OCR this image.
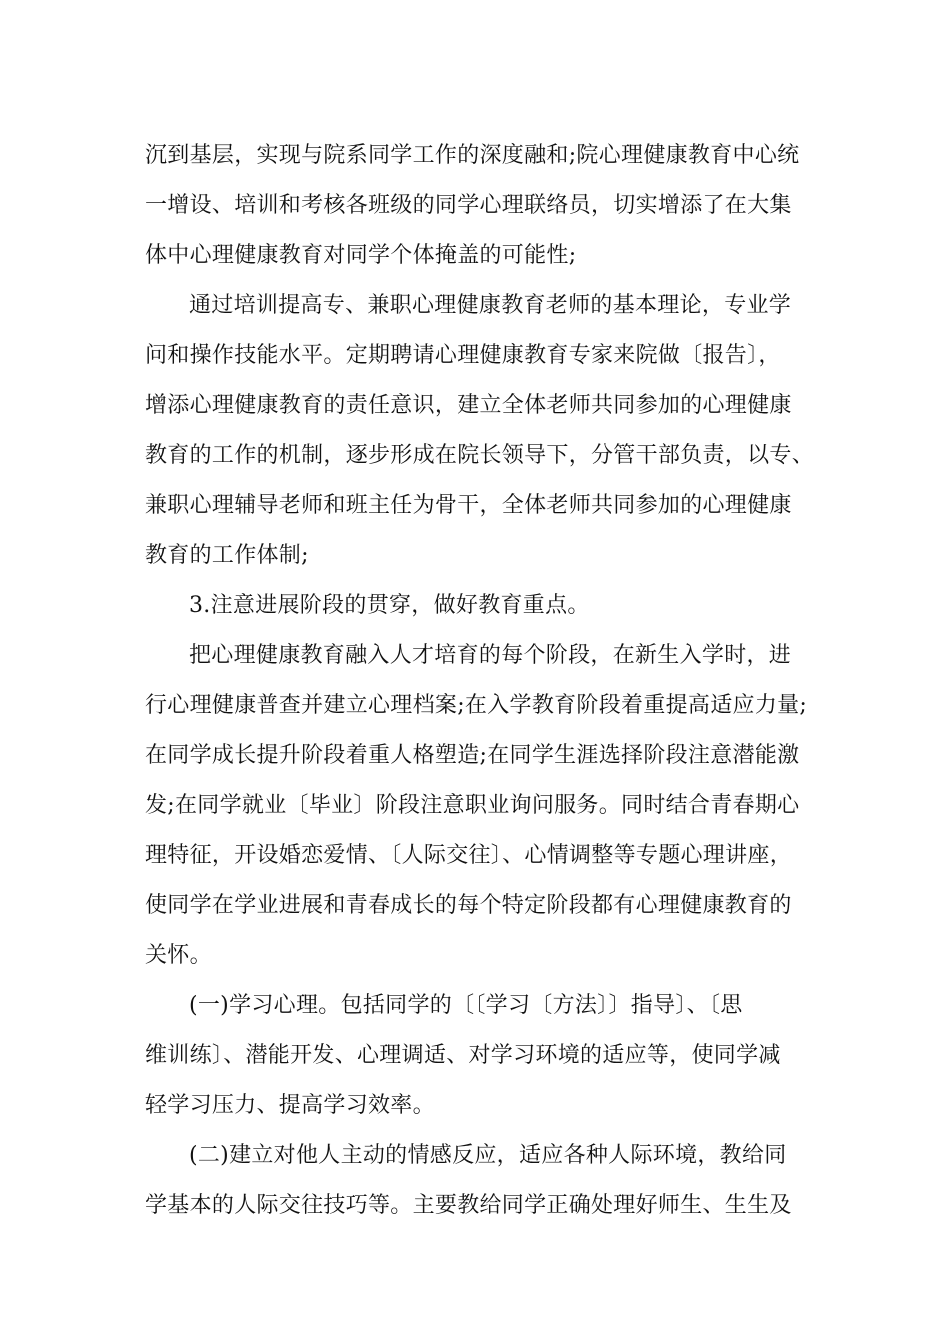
沉到基层，实现与院系同学工作的深度融和;院心理健康教育中心统
一增设、培训和考核各班级的同学心理联络员，切实增添了在大集
体中心理健康教育对同学个体掩盖的可能性;
通过培训提高专、兼职心理健康教育老师的基本理论，专业学
问和操作技能水平。定期聘请心理健康教育专家来院做〔报告〕，
增添心理健康教育的责任意识，建立全体老师共同参加的心理健康
教育的工作的机制，逐步形成在院长领导下，分管干部负责，以专、
兼职心理辅导老师和班主任为骨干，全体老师共同参加的心理健康
教育的工作体制;
3.注意进展阶段的贯穿，做好教育重点。
把心理健康教育融入人才培育的每个阶段，在新生入学时，进
行心理健康普查并建立心理档案;在入学教育阶段着重提高适应力量;
在同学成长提升阶段着重人格塑造;在同学生涯选择阶段注意潜能激
发;在同学就业〔毕业〕阶段注意职业询问服务。同时结合青春期心
理特征，开设婚恋爱情、〔人际交往〕、心情调整等专题心理讲座，
使同学在学业进展和青春成长的每个特定阶段都有心理健康教育的
关怀。
(一)学习心理。包括同学的〔〔学习〔方法〕〕指导〕、〔思
维训练〕、潜能开发、心理调适、对学习环境的适应等，使同学减
轻学习压力、提高学习效率。
(二)建立对他人主动的情感反应，适应各种人际环境，教给同
学基本的人际交往技巧等。主要教给同学正确处理好师生、生生及
